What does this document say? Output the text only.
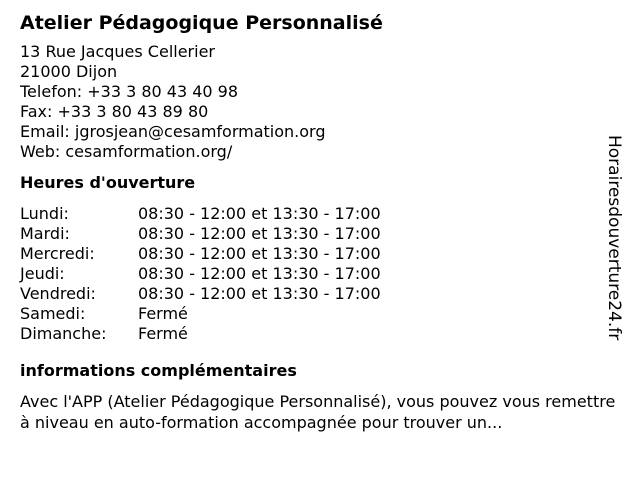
Atelier Pédagogique Personnalisé
13 Rue Jacques Cellerier
21000 Dijon
Telefon: +33 3 80 43 40 98
Fax: +33 3 80 43 89 80
Email: jgrosjean@cesamformation.org
Web: cesamformation.org/
Heures d'ouverture
Lundi:	08:30 - 12:00 et 13:30 - 17:00
Mardi:	08:30 - 12:00 et 13:30 - 17:00
Mercredi:	08:30 - 12:00 et 13:30 - 17:00
Jeudi:	08:30 - 12:00 et 13:30 - 17:00
Vendredi:	08:30 - 12:00 et 13:30 - 17:00
Samedi:	Fermé
Dimanche:	Fermé
informations complémentaires
Avec l'APP (Atelier Pédagogique Personnalisé), vous pouvez vous remettre à niveau en auto-formation accompagnée pour trouver un...
Horairesdouverture24.fr
